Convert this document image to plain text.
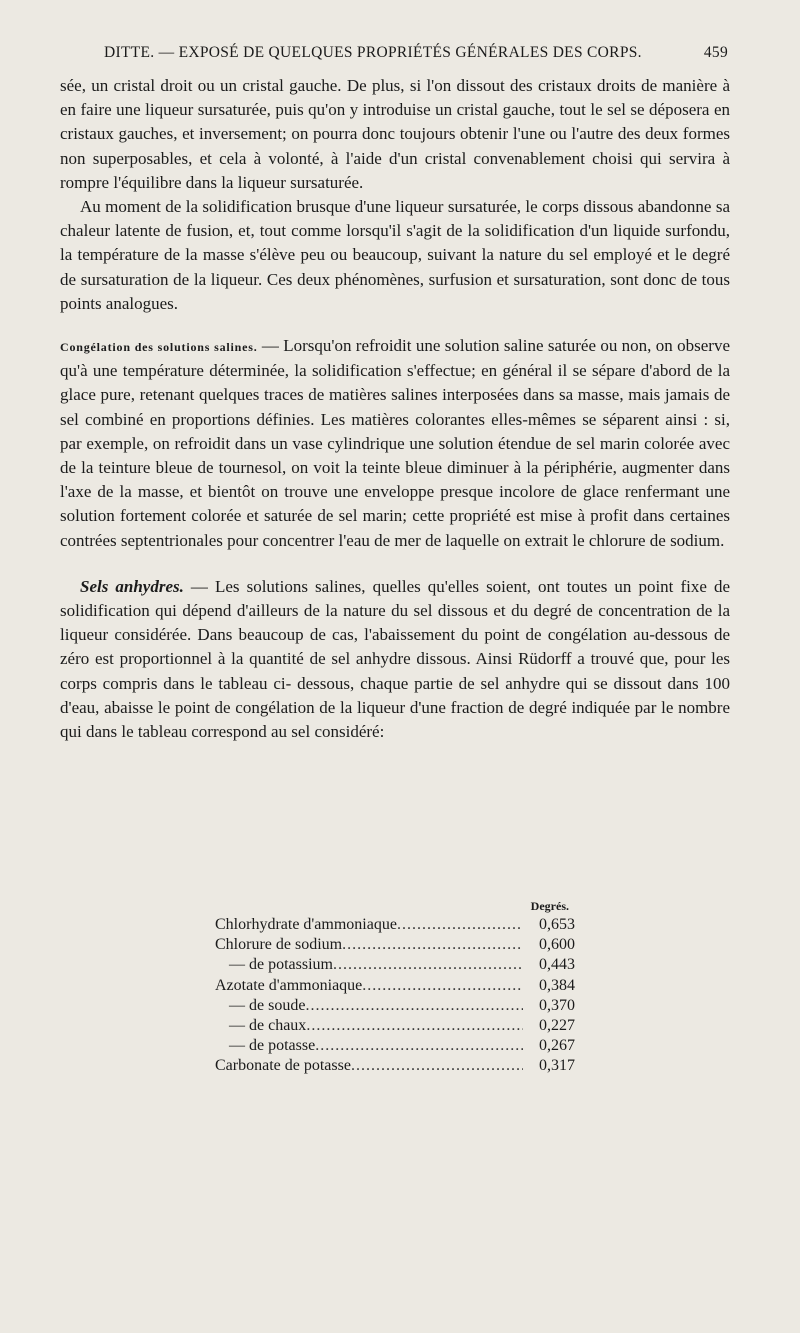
DITTE. — EXPOSÉ DE QUELQUES PROPRIÉTÉS GÉNÉRALES DES CORPS.	459

sée, un cristal droit ou un cristal gauche. De plus, si l'on dissout des cristaux droits de manière à en faire une liqueur sursaturée, puis qu'on y introduise un cristal gauche, tout le sel se déposera en cristaux gauches, et inversement; on pourra donc toujours obtenir l'une ou l'autre des deux formes non superposables, et cela à volonté, à l'aide d'un cristal convenablement choisi qui servira à rompre l'équilibre dans la liqueur sursaturée.

Au moment de la solidification brusque d'une liqueur sursaturée, le corps dissous abandonne sa chaleur latente de fusion, et, tout comme lorsqu'il s'agit de la solidification d'un liquide surfondu, la température de la masse s'élève peu ou beaucoup, suivant la nature du sel employé et le degré de sursaturation de la liqueur. Ces deux phénomènes, surfusion et sursaturation, sont donc de tous points analogues.

Congélation des solutions salines. — Lorsqu'on refroidit une solution saline saturée ou non, on observe qu'à une température déterminée, la solidification s'effectue; en général il se sépare d'abord de la glace pure, retenant quelques traces de matières salines interposées dans sa masse, mais jamais de sel combiné en proportions définies. Les matières colorantes elles-mêmes se séparent ainsi : si, par exemple, on refroidit dans un vase cylindrique une solution étendue de sel marin colorée avec de la teinture bleue de tournesol, on voit la teinte bleue diminuer à la périphérie, augmenter dans l'axe de la masse, et bientôt on trouve une enveloppe presque incolore de glace renfermant une solution fortement colorée et saturée de sel marin; cette propriété est mise à profit dans certaines contrées septentrionales pour concentrer l'eau de mer de laquelle on extrait le chlorure de sodium.

Sels anhydres. — Les solutions salines, quelles qu'elles soient, ont toutes un point fixe de solidification qui dépend d'ailleurs de la nature du sel dissous et du degré de concentration de la liqueur considérée. Dans beaucoup de cas, l'abaissement du point de congélation au-dessous de zéro est proportionnel à la quantité de sel anhydre dissous. Ainsi Rüdorff a trouvé que, pour les corps compris dans le tableau ci- dessous, chaque partie de sel anhydre qui se dissout dans 100 d'eau, abaisse le point de congélation de la liqueur d'une fraction de degré indiquée par le nombre qui dans le tableau correspond au sel considéré:

Degrés.
Chlorhydrate d'ammoniaque .....	0,653
Chlorure de sodium .....	0,600
— de potassium .....	0,443
Azotate d'ammoniaque .....	0,384
— de soude .....	0,370
— de chaux .....	0,227
— de potasse .....	0,267
Carbonate de potasse .....	0,317
